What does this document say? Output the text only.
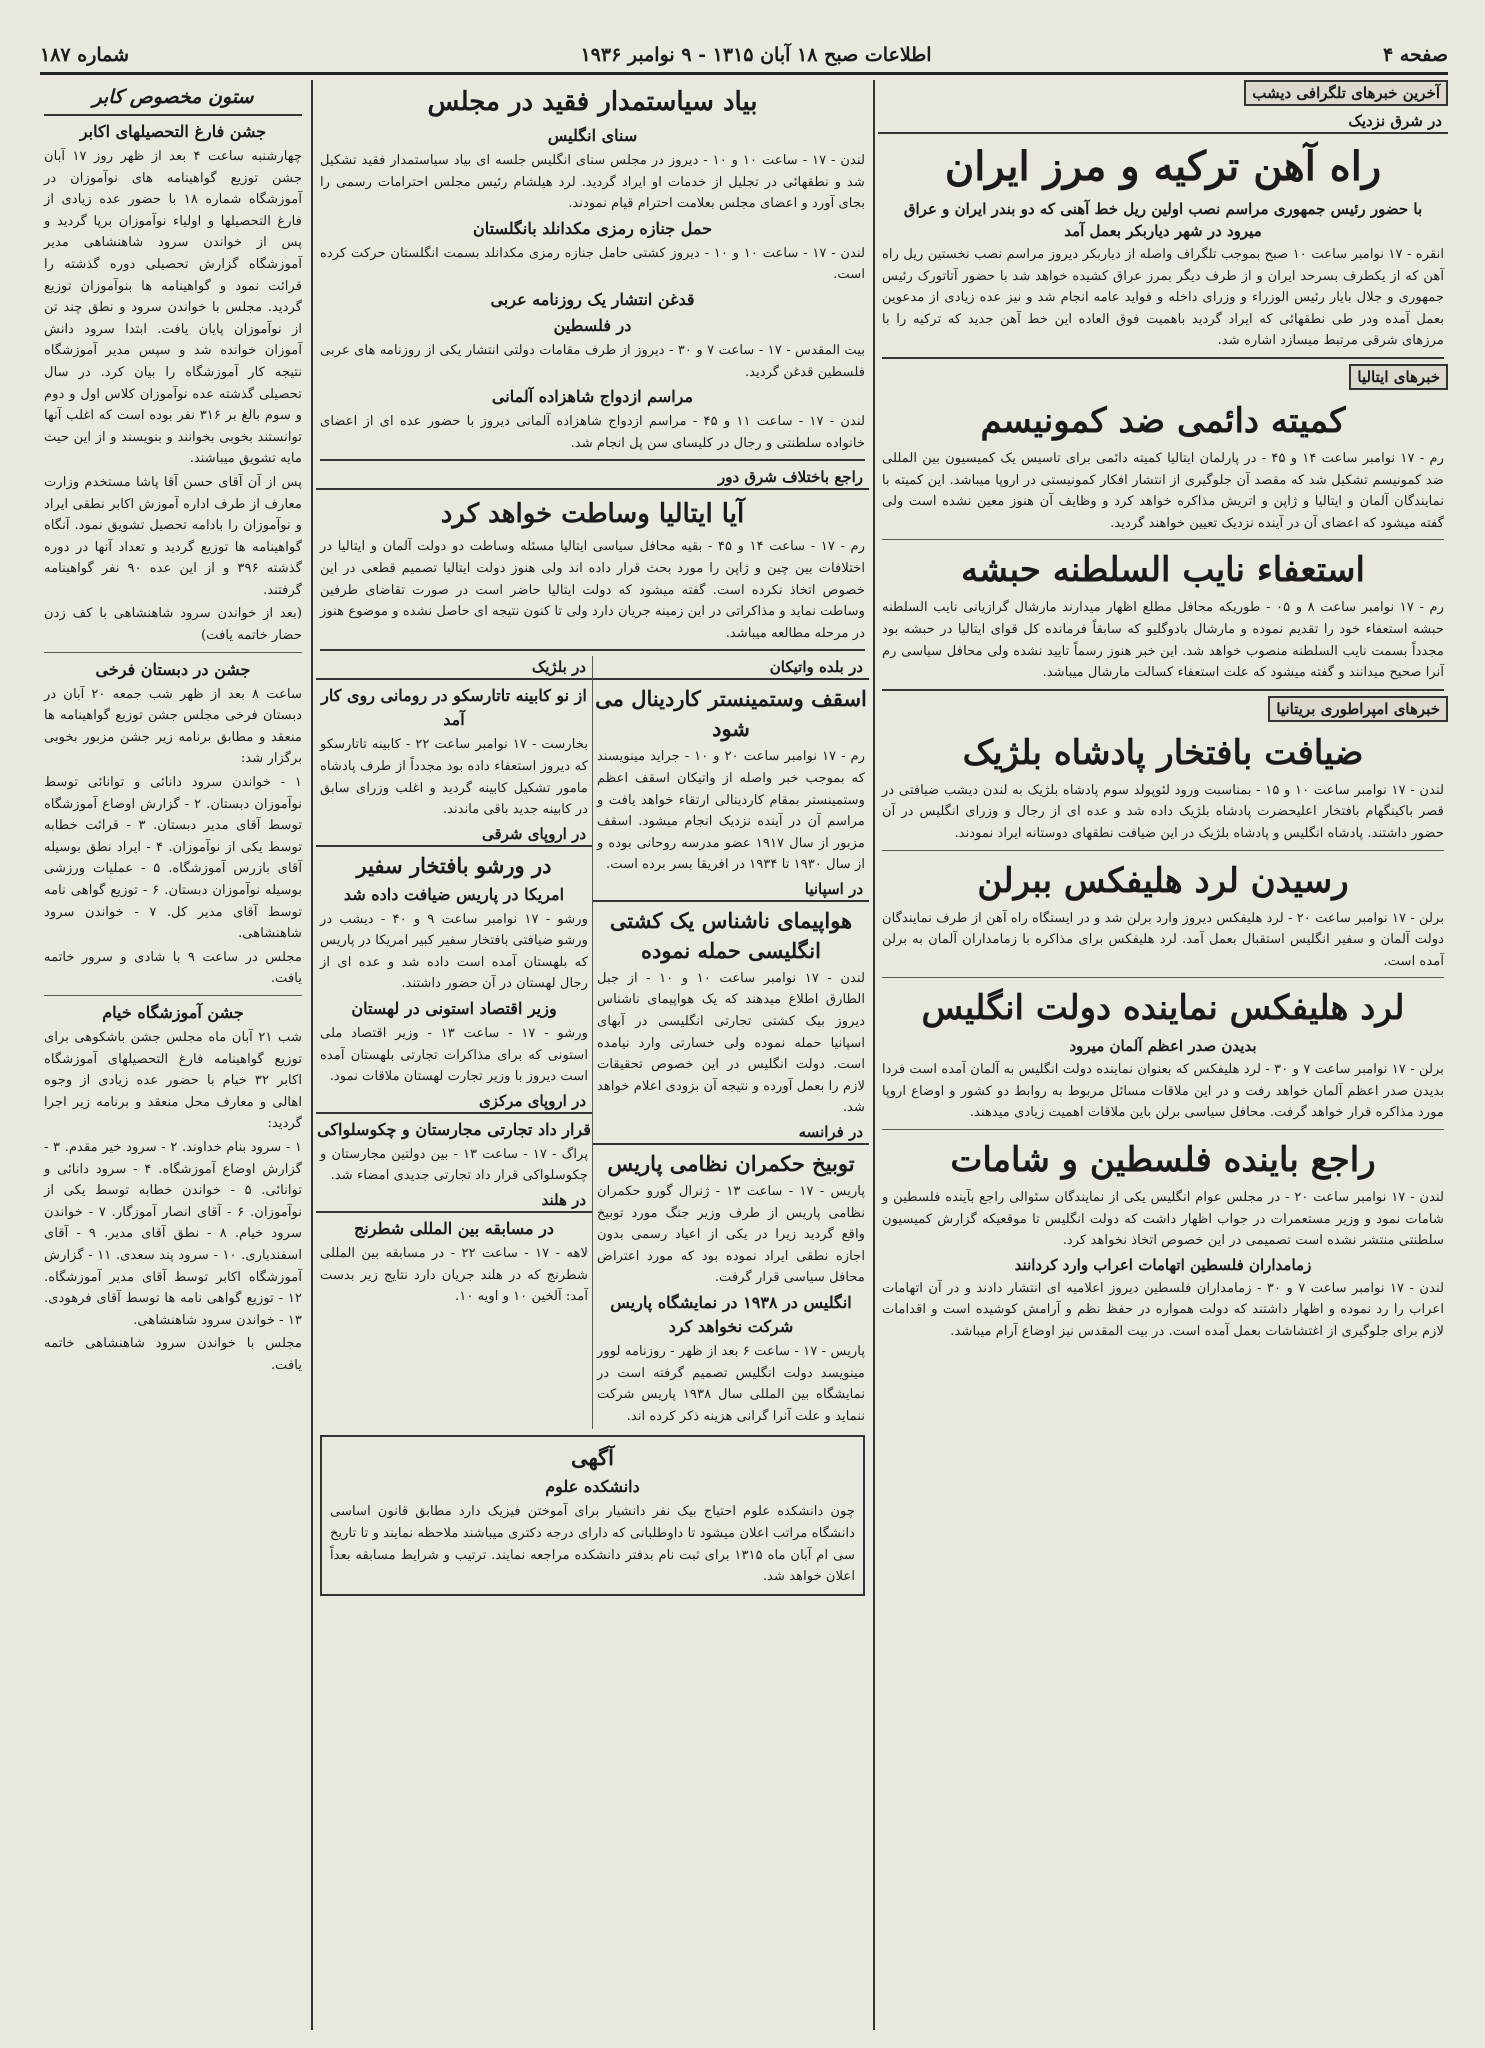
صفحه ۴
اطلاعات صبح ۱۸ آبان ۱۳۱۵ - ۹ نوامبر ۱۹۳۶
شماره ۱۸۷
آخرین خبرهای تلگرافی دیشب
در شرق نزدیک
راه آهن ترکیه و مرز ایران
با حضور رئیس جمهوری مراسم نصب اولین ریل خط آهنی که دو بندر ایران و عراق میرود در شهر دیاربکر بعمل آمد
انقره - ۱۷ نوامبر ساعت ۱۰ صبح بموجب تلگراف واصله از دیاربکر دیروز مراسم نصب نخستین ریل راه آهن که از یکطرف بسرحد ایران و از طرف دیگر بمرز عراق کشیده خواهد شد با حضور آتاتورک رئیس جمهوری و جلال بایار رئیس الوزراء و وزرای داخله و فواید عامه انجام شد و نیز عده زیادی از مدعوین بعمل آمده ودر طی نطقهائی که ایراد گردید باهمیت فوق العاده این خط آهن جدید که ترکیه را با مرزهای شرقی مرتبط میسازد اشاره شد.
خبرهای ایتالیا
کمیته دائمی ضد کمونیسم
رم - ۱۷ نوامبر ساعت ۱۴ و ۴۵ - در پارلمان ایتالیا کمیته دائمی برای تاسیس یک کمیسیون بین المللی ضد کمونیسم تشکیل شد که مقصد آن جلوگیری از انتشار افکار کمونیستی در اروپا میباشد. این کمیته با نمایندگان آلمان و ایتالیا و ژاپن و اتریش مذاکره خواهد کرد و وظایف آن هنوز معین نشده است ولی گفته میشود که اعضای آن در آینده نزدیک تعیین خواهند گردید.
استعفاء نایب السلطنه حبشه
رم - ۱۷ نوامبر ساعت ۸ و ۰۵ - طوریکه محافل مطلع اظهار میدارند مارشال گرازیانی نایب السلطنه حبشه استعفاء خود را تقدیم نموده و مارشال بادوگلیو که سابقاً فرمانده کل قوای ایتالیا در حبشه بود مجدداً بسمت نایب السلطنه منصوب خواهد شد. این خبر هنوز رسماً تایید نشده ولی محافل سیاسی رم آنرا صحیح میدانند و گفته میشود که علت استعفاء کسالت مارشال میباشد.
خبرهای امپراطوری بریتانیا
ضیافت بافتخار پادشاه بلژیک
لندن - ۱۷ نوامبر ساعت ۱۰ و ۱۵ - بمناسبت ورود لئوپولد سوم پادشاه بلژیک به لندن دیشب ضیافتی در قصر باکینگهام بافتخار اعلیحضرت پادشاه بلژیک داده شد و عده ای از رجال و وزرای انگلیس در آن حضور داشتند. پادشاه انگلیس و پادشاه بلژیک در این ضیافت نطقهای دوستانه ایراد نمودند.
رسیدن لرد هلیفکس ببرلن
برلن - ۱۷ نوامبر ساعت ۲۰ - لرد هلیفکس دیروز وارد برلن شد و در ایستگاه راه آهن از طرف نمایندگان دولت آلمان و سفیر انگلیس استقبال بعمل آمد. لرد هلیفکس برای مذاکره با زمامداران آلمان به برلن آمده است.
لرد هلیفکس نماینده دولت انگلیس
بدیدن صدر اعظم آلمان میرود
برلن - ۱۷ نوامبر ساعت ۷ و ۳۰ - لرد هلیفکس که بعنوان نماینده دولت انگلیس به آلمان آمده است فردا بدیدن صدر اعظم آلمان خواهد رفت و در این ملاقات مسائل مربوط به روابط دو کشور و اوضاع اروپا مورد مذاکره قرار خواهد گرفت. محافل سیاسی برلن باین ملاقات اهمیت زیادی میدهند.
راجع باینده فلسطین و شامات
لندن - ۱۷ نوامبر ساعت ۲۰ - در مجلس عوام انگلیس یکی از نمایندگان سئوالی راجع بآینده فلسطین و شامات نمود و وزیر مستعمرات در جواب اظهار داشت که دولت انگلیس تا موقعیکه گزارش کمیسیون سلطنتی منتشر نشده است تصمیمی در این خصوص اتخاذ نخواهد کرد.
زمامداران فلسطین اتهامات اعراب وارد کردانند
لندن - ۱۷ نوامبر ساعت ۷ و ۳۰ - زمامداران فلسطین دیروز اعلامیه ای انتشار دادند و در آن اتهامات اعراب را رد نموده و اظهار داشتند که دولت همواره در حفظ نظم و آرامش کوشیده است و اقدامات لازم برای جلوگیری از اغتشاشات بعمل آمده است. در بیت المقدس نیز اوضاع آرام میباشد.
بیاد سیاستمدار فقید در مجلس
سنای انگلیس
لندن - ۱۷ - ساعت ۱۰ و ۱۰ - دیروز در مجلس سنای انگلیس جلسه ای بیاد سیاستمدار فقید تشکیل شد و نطقهائی در تجلیل از خدمات او ایراد گردید. لرد هیلشام رئیس مجلس احترامات رسمی را بجای آورد و اعضای مجلس بعلامت احترام قیام نمودند.
حمل جنازه رمزی مکدانلد بانگلستان
لندن - ۱۷ - ساعت ۱۰ و ۱۰ - دیروز کشتی حامل جنازه رمزی مکدانلد بسمت انگلستان حرکت کرده است.
قدغن انتشار یک روزنامه عربی
در فلسطین
بیت المقدس - ۱۷ - ساعت ۷ و ۳۰ - دیروز از طرف مقامات دولتی انتشار یکی از روزنامه های عربی فلسطین قدغن گردید.
مراسم ازدواج شاهزاده آلمانی
لندن - ۱۷ - ساعت ۱۱ و ۴۵ - مراسم ازدواج شاهزاده آلمانی دیروز با حضور عده ای از اعضای خانواده سلطنتی و رجال در کلیسای سن پل انجام شد.
راجع باختلاف شرق دور
آیا ایتالیا وساطت خواهد کرد
رم - ۱۷ - ساعت ۱۴ و ۴۵ - بقیه محافل سیاسی ایتالیا مسئله وساطت دو دولت آلمان و ایتالیا در اختلافات بین چین و ژاپن را مورد بحث قرار داده اند ولی هنوز دولت ایتالیا تصمیم قطعی در این خصوص اتخاذ نکرده است. گفته میشود که دولت ایتالیا حاضر است در صورت تقاضای طرفین وساطت نماید و مذاکراتی در این زمینه جریان دارد ولی تا کنون نتیجه ای حاصل نشده و موضوع هنوز در مرحله مطالعه میباشد.
در بلده واتیکان
اسقف وستمینستر کاردینال می شود
رم - ۱۷ نوامبر ساعت ۲۰ و ۱۰ - جراید مینویسند که بموجب خبر واصله از واتیکان اسقف اعظم وستمینستر بمقام کاردینالی ارتقاء خواهد یافت و مراسم آن در آینده نزدیک انجام میشود. اسقف مزبور از سال ۱۹۱۷ عضو مدرسه روحانی بوده و از سال ۱۹۳۰ تا ۱۹۳۴ در افریقا بسر برده است.
در اسپانیا
هواپیمای ناشناس یک کشتی انگلیسی حمله نموده
لندن - ۱۷ نوامبر ساعت ۱۰ و ۱۰ - از جبل الطارق اطلاع میدهند که یک هواپیمای ناشناس دیروز بیک کشتی تجارتی انگلیسی در آبهای اسپانیا حمله نموده ولی خسارتی وارد نیامده است. دولت انگلیس در این خصوص تحقیقات لازم را بعمل آورده و نتیجه آن بزودی اعلام خواهد شد.
در فرانسه
توبیخ حکمران نظامی پاریس
پاریس - ۱۷ - ساعت ۱۳ - ژنرال گورو حکمران نظامی پاریس از طرف وزیر جنگ مورد توبیخ واقع گردید زیرا در یکی از اعیاد رسمی بدون اجازه نطقی ایراد نموده بود که مورد اعتراض محافل سیاسی قرار گرفت.
انگلیس در ۱۹۳۸ در نمایشگاه پاریس شرکت نخواهد کرد
پاریس - ۱۷ - ساعت ۶ بعد از ظهر - روزنامه لوور مینویسد دولت انگلیس تصمیم گرفته است در نمایشگاه بین المللی سال ۱۹۳۸ پاریس شرکت ننماید و علت آنرا گرانی هزینه ذکر کرده اند.
در بلژیک
از نو کابینه تاتارسکو در رومانی روی کار آمد
بخارست - ۱۷ نوامبر ساعت ۲۲ - کابینه تاتارسکو که دیروز استعفاء داده بود مجدداً از طرف پادشاه مامور تشکیل کابینه گردید و اغلب وزرای سابق در کابینه جدید باقی ماندند.
در اروپای شرقی
در ورشو بافتخار سفیر
امریکا در پاریس ضیافت داده شد
ورشو - ۱۷ نوامبر ساعت ۹ و ۴۰ - دیشب در ورشو ضیافتی بافتخار سفیر کبیر امریکا در پاریس که بلهستان آمده است داده شد و عده ای از رجال لهستان در آن حضور داشتند.
وزیر اقتصاد استونی در لهستان
ورشو - ۱۷ - ساعت ۱۳ - وزیر اقتصاد ملی استونی که برای مذاکرات تجارتی بلهستان آمده است دیروز با وزیر تجارت لهستان ملاقات نمود.
در اروپای مرکزی
قرار داد تجارتی مجارستان و چکوسلواکی
پراگ - ۱۷ - ساعت ۱۳ - بین دولتین مجارستان و چکوسلواکی قرار داد تجارتی جدیدی امضاء شد.
در هلند
در مسابقه بین المللی شطرنج
لاهه - ۱۷ - ساعت ۲۲ - در مسابقه بین المللی شطرنج که در هلند جریان دارد نتایج زیر بدست آمد: آلخین ۱۰ و اویه ۱۰.
آگهی
دانشکده علوم
چون دانشکده علوم احتیاج بیک نفر دانشیار برای آموختن فیزیک دارد مطابق قانون اساسی دانشگاه مراتب اعلان میشود تا داوطلبانی که دارای درجه دکتری میباشند ملاحظه نمایند و تا تاریخ سی ام آبان ماه ۱۳۱۵ برای ثبت نام بدفتر دانشکده مراجعه نمایند. ترتیب و شرایط مسابقه بعداً اعلان خواهد شد.
ستون مخصوص کابر
جشن فارغ التحصیلهای اکابر
چهارشنبه ساعت ۴ بعد از ظهر روز ۱۷ آبان جشن توزیع گواهینامه های نوآموزان در آموزشگاه شماره ۱۸ با حضور عده زیادی از فارغ التحصیلها و اولیاء نوآموزان برپا گردید و پس از خواندن سرود شاهنشاهی مدیر آموزشگاه گزارش تحصیلی دوره گذشته را قرائت نمود و گواهینامه ها بنوآموزان توزیع گردید. مجلس با خواندن سرود و نطق چند تن از نوآموزان پایان یافت. ابتدا سرود دانش آموزان خوانده شد و سپس مدیر آموزشگاه نتیجه کار آموزشگاه را بیان کرد. در سال تحصیلی گذشته عده نوآموزان کلاس اول و دوم و سوم بالغ بر ۳۱۶ نفر بوده است که اغلب آنها توانستند بخوبی بخوانند و بنویسند و از این حیث مایه تشویق میباشند.
پس از آن آقای حسن آقا پاشا مستخدم وزارت معارف از طرف اداره آموزش اکابر نطقی ایراد و نوآموزان را بادامه تحصیل تشویق نمود. آنگاه گواهینامه ها توزیع گردید و تعداد آنها در دوره گذشته ۳۹۶ و از این عده ۹۰ نفر گواهینامه گرفتند.
(بعد از خواندن سرود شاهنشاهی با کف زدن حضار خاتمه یافت)
جشن در دبستان فرخی
ساعت ۸ بعد از ظهر شب جمعه ۲۰ آبان در دبستان فرخی مجلس جشن توزیع گواهینامه ها منعقد و مطابق برنامه زیر جشن مزبور بخوبی برگزار شد:
۱ - خواندن سرود دانائی و توانائی توسط نوآموزان دبستان. ۲ - گزارش اوضاع آموزشگاه توسط آقای مدیر دبستان. ۳ - قرائت خطابه توسط یکی از نوآموزان. ۴ - ایراد نطق بوسیله آقای بازرس آموزشگاه. ۵ - عملیات ورزشی بوسیله نوآموزان دبستان. ۶ - توزیع گواهی نامه توسط آقای مدیر کل. ۷ - خواندن سرود شاهنشاهی.
مجلس در ساعت ۹ با شادی و سرور خاتمه یافت.
جشن آموزشگاه خیام
شب ۲۱ آبان ماه مجلس جشن باشکوهی برای توزیع گواهینامه فارغ التحصیلهای آموزشگاه اکابر ۳۲ خیام با حضور عده زیادی از وجوه اهالی و معارف محل منعقد و برنامه زیر اجرا گردید:
۱ - سرود بنام خداوند. ۲ - سرود خیر مقدم. ۳ - گزارش اوضاع آموزشگاه. ۴ - سرود دانائی و توانائی. ۵ - خواندن خطابه توسط یکی از نوآموزان. ۶ - آقای انصار آموزگار. ۷ - خواندن سرود خیام. ۸ - نطق آقای مدیر. ۹ - آقای اسفندیاری. ۱۰ - سرود پند سعدی. ۱۱ - گزارش آموزشگاه اکابر توسط آقای مدیر آموزشگاه. ۱۲ - توزیع گواهی نامه ها توسط آقای فرهودی. ۱۳ - خواندن سرود شاهنشاهی.
مجلس با خواندن سرود شاهنشاهی خاتمه یافت.
